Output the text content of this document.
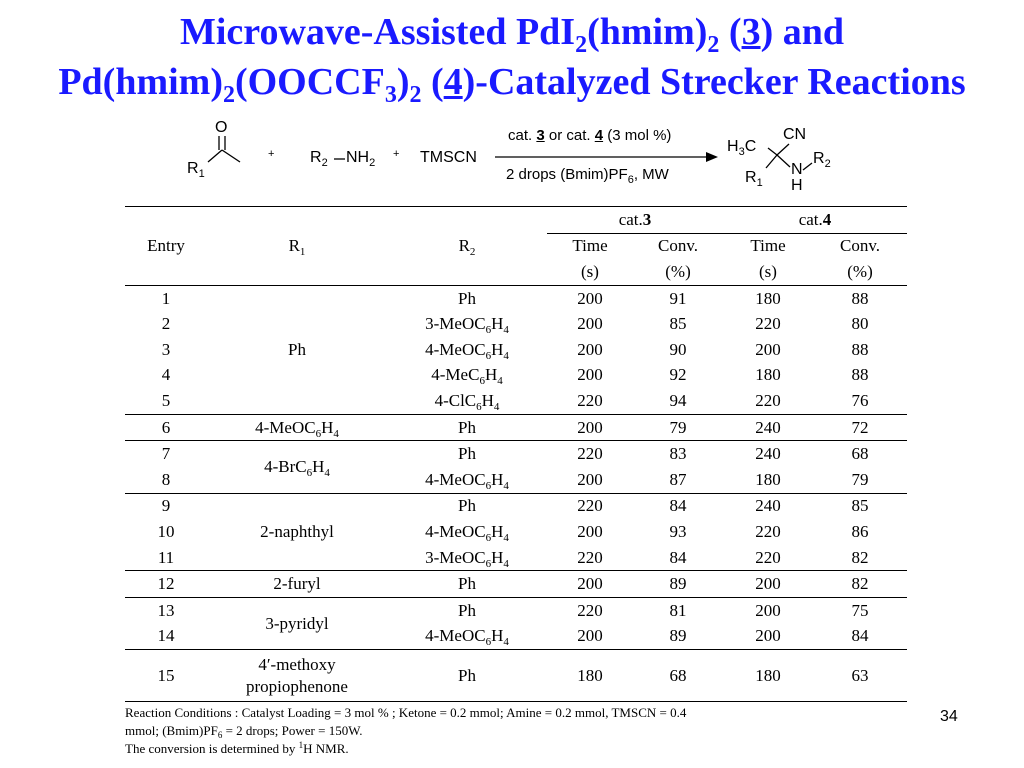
Microwave-Assisted $PdI_2(hmim)_2$ (3) and
$Pd(hmim)_2(OOCCF_3)_2$ (4)-Catalyzed Strecker Reactions
O
$R_1$
+ $R_2$ $NH_2$
+ TMSCN
cat. 3 or cat. 4 (3 mol %)
2 drops $(Bmim)PF_6$, MW
$H_3C$
CN
N
$R_2$
$R_1$ H
Entry	$R_1$	$R_2$	cat.3		cat.4	
			Time	Conv.	Time	Conv.
			(s)	(%)	(s)	(%)
1	Ph	Ph	200	91	180	88
2		$3-MeOC_6H_4$	200	85	220	80
3		$4-MeOC_6H_4$	200	90	200	88
4		$4-MeC_6H_4$	200	92	180	88
5		$4-ClC_6H_4$	220	94	220	76
6	$4-MeOC_6H_4$	Ph	200	79	240	72
7	$4-BrC_6H_4$	Ph	220	83	240	68
8		$4-MeOC_6H_4$	200	87	180	79
9	2-naphthyl	Ph	220	84	240	85
10		$4-MeOC_6H_4$	200	93	220	86
11		$3-MeOC_6H_4$	220	84	220	82
12	2-furyl	Ph	200	89	200	82
13	3-pyridyl	Ph	220	81	200	75
14		$4-MeOC_6H_4$	200	89	200	84
15	4′-methoxy
propiophenone	Ph	180	68	180	63
Reaction Conditions : Catalyst Loading = 3 mol % ; Ketone = 0.2 mmol; Amine = 0.2 mmol, TMSCN = 0.4
mmol; $(Bmim)PF_6 = 2$ drops; Power = 150W.
The conversion is determined by $^1$H NMR.
34
